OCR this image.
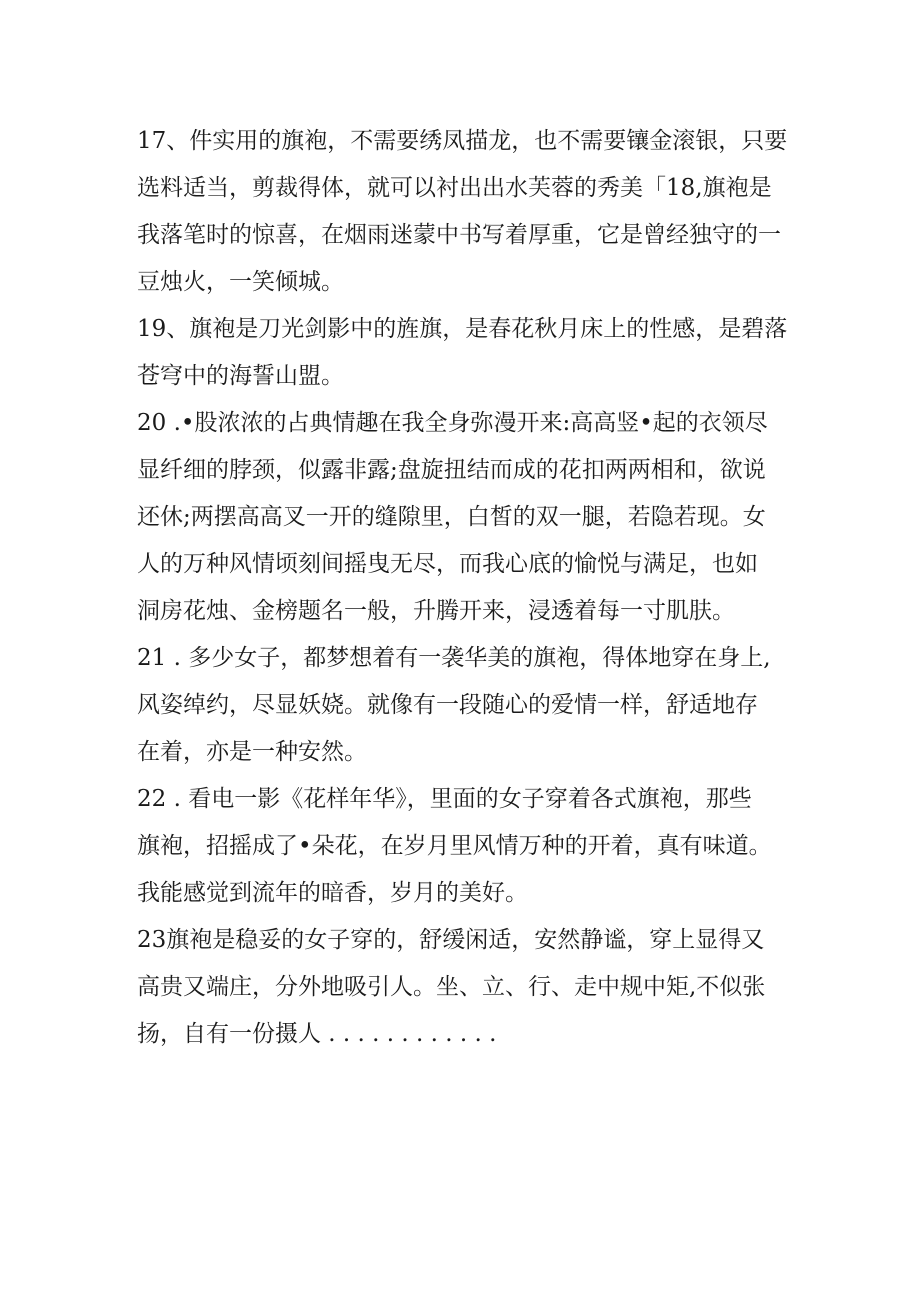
17、件实用的旗袍，不需要绣凤描龙，也不需要镶金滚银，只要
选料适当，剪裁得体，就可以衬出出水芙蓉的秀美「18,旗袍是
我落笔时的惊喜，在烟雨迷蒙中书写着厚重，它是曾经独守的一
豆烛火，一笑倾城。
19、旗袍是刀光剑影中的旌旗，是春花秋月床上的性感，是碧落
苍穹中的海誓山盟。
20 .•股浓浓的占典情趣在我全身弥漫开来:高高竖•起的衣领尽
显纤细的脖颈，似露非露;盘旋扭结而成的花扣两两相和，欲说
还休;两摆高高叉一开的缝隙里，白皙的双一腿，若隐若现。女
人的万种风情顷刻间摇曳无尽，而我心底的愉悦与满足，也如
洞房花烛、金榜题名一般，升腾开来，浸透着每一寸肌肤。
21 . 多少女子，都梦想着有一袭华美的旗袍，得体地穿在身上,
风姿绰约，尽显妖娆。就像有一段随心的爱情一样，舒适地存
在着，亦是一种安然。
22 . 看电一影《花样年华》，里面的女子穿着各式旗袍，那些
旗袍，招摇成了•朵花，在岁月里风情万种的开着，真有味道。
我能感觉到流年的暗香，岁月的美好。
23旗袍是稳妥的女子穿的，舒缓闲适，安然静谧，穿上显得又
高贵又端庄，分外地吸引人。坐、立、行、走中规中矩,不似张
扬，自有一份摄人 . . . . . . . . . . . .
